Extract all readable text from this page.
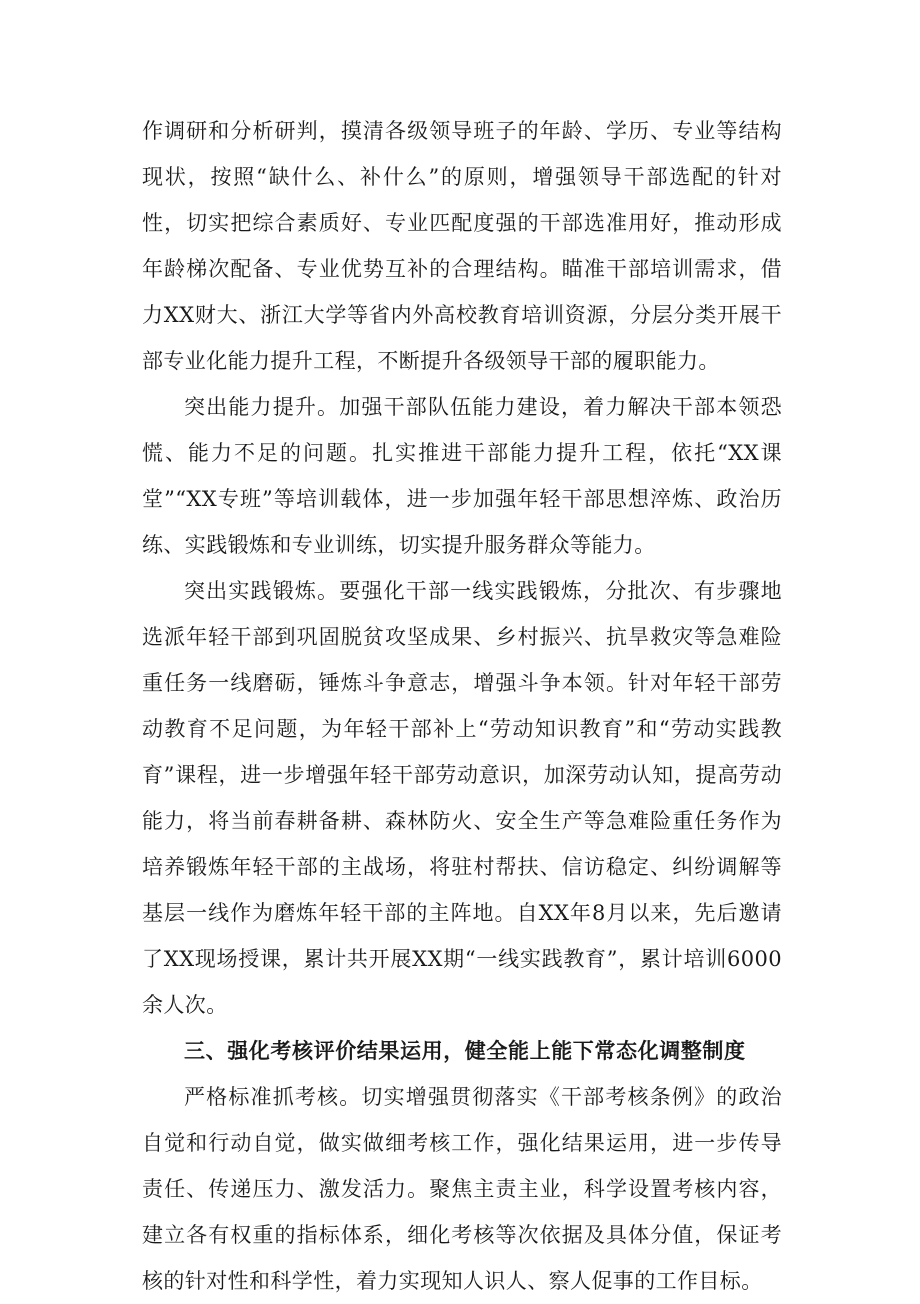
作调研和分析研判，摸清各级领导班子的年龄、学历、专业等结构现状，按照“缺什么、补什么”的原则，增强领导干部选配的针对性，切实把综合素质好、专业匹配度强的干部选准用好，推动形成年龄梯次配备、专业优势互补的合理结构。瞄准干部培训需求，借力XX财大、浙江大学等省内外高校教育培训资源，分层分类开展干部专业化能力提升工程，不断提升各级领导干部的履职能力。

突出能力提升。加强干部队伍能力建设，着力解决干部本领恐慌、能力不足的问题。扎实推进干部能力提升工程，依托“XX课堂”“XX专班”等培训载体，进一步加强年轻干部思想淬炼、政治历练、实践锻炼和专业训练，切实提升服务群众等能力。

突出实践锻炼。要强化干部一线实践锻炼，分批次、有步骤地选派年轻干部到巩固脱贫攻坚成果、乡村振兴、抗旱救灾等急难险重任务一线磨砺，锤炼斗争意志，增强斗争本领。针对年轻干部劳动教育不足问题，为年轻干部补上“劳动知识教育”和“劳动实践教育”课程，进一步增强年轻干部劳动意识，加深劳动认知，提高劳动能力，将当前春耕备耕、森林防火、安全生产等急难险重任务作为培养锻炼年轻干部的主战场，将驻村帮扶、信访稳定、纠纷调解等基层一线作为磨炼年轻干部的主阵地。自XX年8月以来，先后邀请了XX现场授课，累计共开展XX期“一线实践教育”，累计培训6000余人次。

三、强化考核评价结果运用，健全能上能下常态化调整制度

严格标准抓考核。切实增强贯彻落实《干部考核条例》的政治自觉和行动自觉，做实做细考核工作，强化结果运用，进一步传导责任、传递压力、激发活力。聚焦主责主业，科学设置考核内容，建立各有权重的指标体系，细化考核等次依据及具体分值，保证考核的针对性和科学性，着力实现知人识人、察人促事的工作目标。
